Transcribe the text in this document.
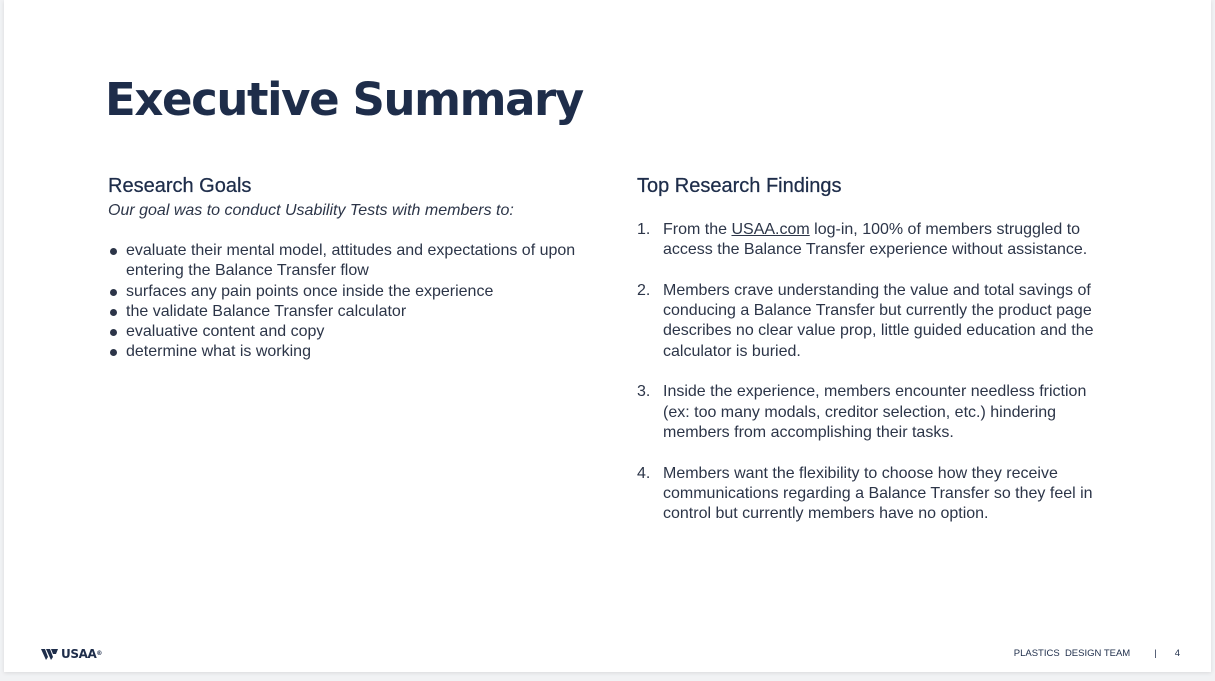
Executive Summary
Research Goals

Our goal was to conduct Usability Tests with members to:

evaluate their mental model, attitudes and expectations of upon entering the Balance Transfer flow
surfaces any pain points once inside the experience
the validate Balance Transfer calculator
evaluative content and copy
determine what is working
Top Research Findings
1. From the USAA.com log-in, 100% of members struggled to access the Balance Transfer experience without assistance.
2. Members crave understanding the value and total savings of conducing a Balance Transfer but currently the product page describes no clear value prop, little guided education and the calculator is buried.
3. Inside the experience, members encounter needless friction (ex: too many modals, creditor selection, etc.) hindering members from accomplishing their tasks.
4. Members want the flexibility to choose how they receive communications regarding a Balance Transfer so they feel in control but currently members have no option.
USAA®	PLASTICS  DESIGN TEAM	| 4
